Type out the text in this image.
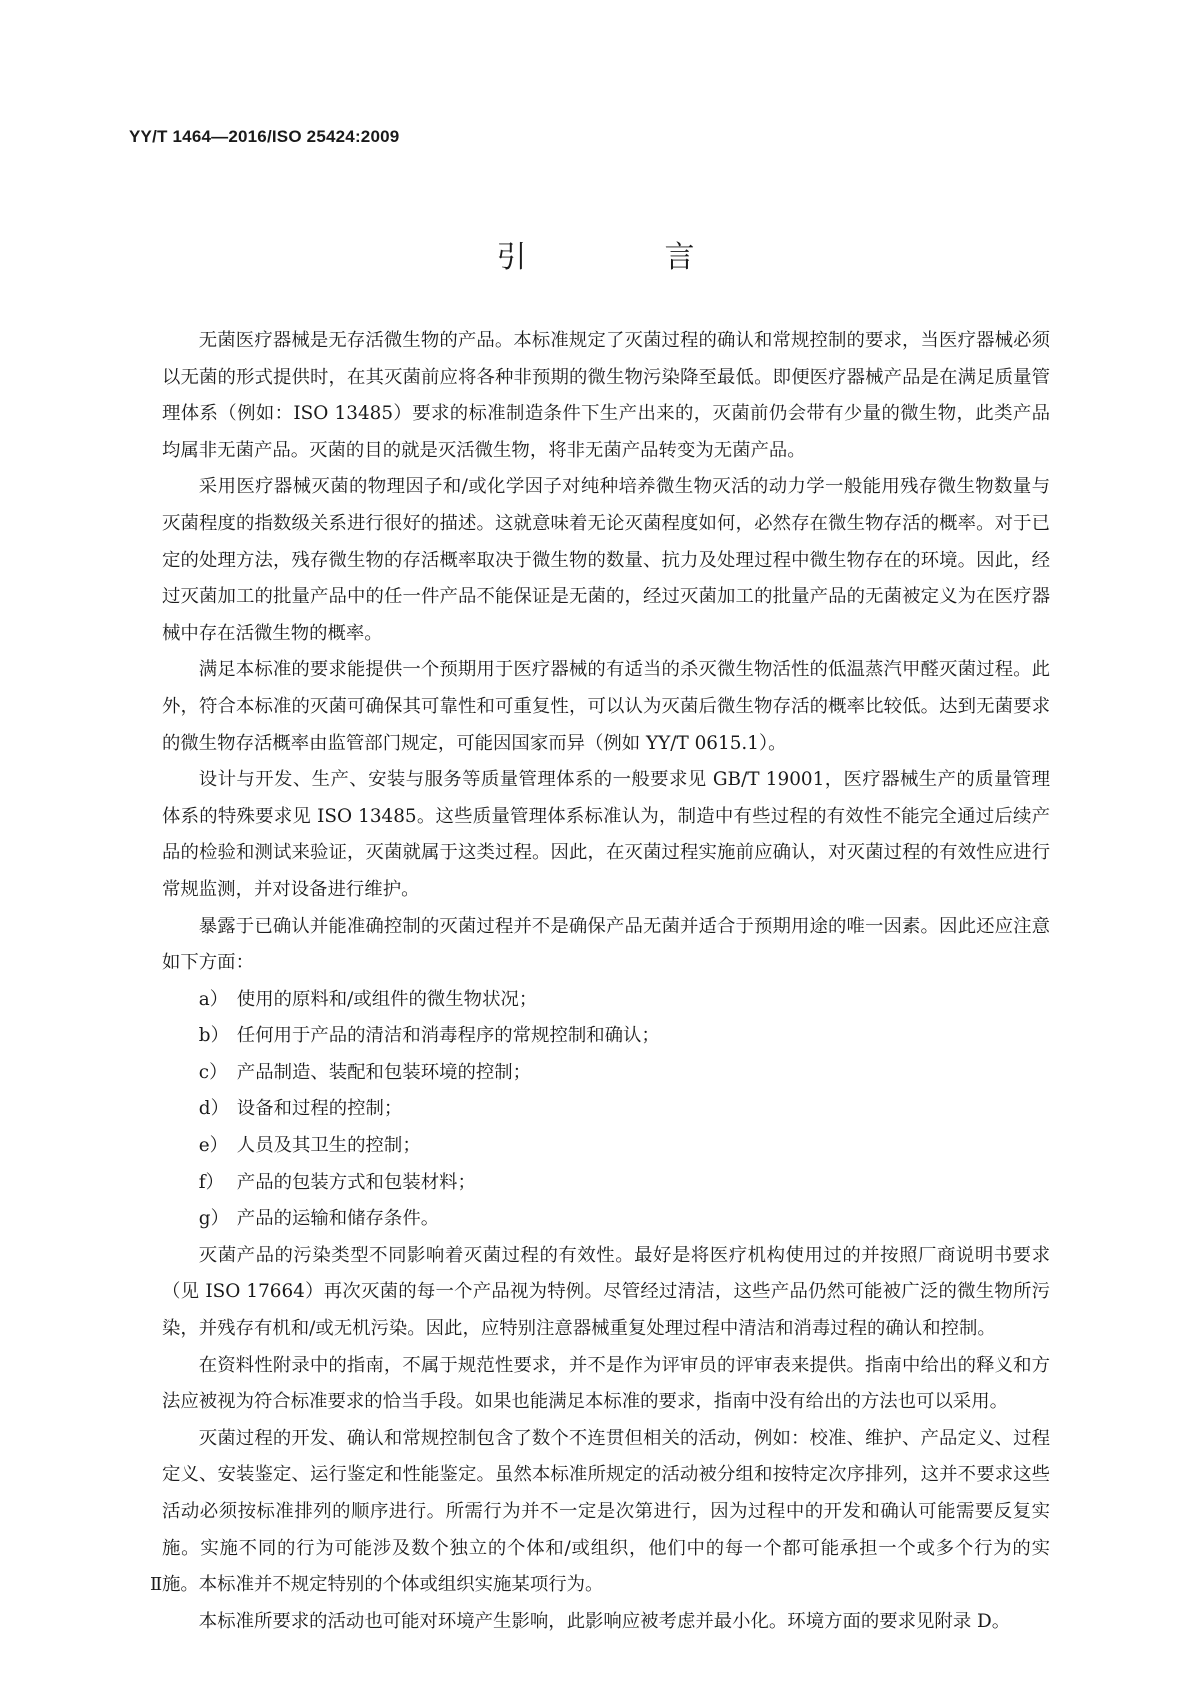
YY/T 1464—2016/ISO 25424:2009
引　言

无菌医疗器械是无存活微生物的产品。本标准规定了灭菌过程的确认和常规控制的要求，当医疗器械必须以无菌的形式提供时，在其灭菌前应将各种非预期的微生物污染降至最低。即便医疗器械产品是在满足质量管理体系（例如：ISO 13485）要求的标准制造条件下生产出来的，灭菌前仍会带有少量的微生物，此类产品均属非无菌产品。灭菌的目的就是灭活微生物，将非无菌产品转变为无菌产品。

采用医疗器械灭菌的物理因子和/或化学因子对纯种培养微生物灭活的动力学一般能用残存微生物数量与灭菌程度的指数级关系进行很好的描述。这就意味着无论灭菌程度如何，必然存在微生物存活的概率。对于已定的处理方法，残存微生物的存活概率取决于微生物的数量、抗力及处理过程中微生物存在的环境。因此，经过灭菌加工的批量产品中的任一件产品不能保证是无菌的，经过灭菌加工的批量产品的无菌被定义为在医疗器械中存在活微生物的概率。

满足本标准的要求能提供一个预期用于医疗器械的有适当的杀灭微生物活性的低温蒸汽甲醛灭菌过程。此外，符合本标准的灭菌可确保其可靠性和可重复性，可以认为灭菌后微生物存活的概率比较低。达到无菌要求的微生物存活概率由监管部门规定，可能因国家而异（例如 YY/T 0615.1）。

设计与开发、生产、安装与服务等质量管理体系的一般要求见 GB/T 19001，医疗器械生产的质量管理体系的特殊要求见 ISO 13485。这些质量管理体系标准认为，制造中有些过程的有效性不能完全通过后续产品的检验和测试来验证，灭菌就属于这类过程。因此，在灭菌过程实施前应确认，对灭菌过程的有效性应进行常规监测，并对设备进行维护。

暴露于已确认并能准确控制的灭菌过程并不是确保产品无菌并适合于预期用途的唯一因素。因此还应注意如下方面：

a） 使用的原料和/或组件的微生物状况；
b） 任何用于产品的清洁和消毒程序的常规控制和确认；
c） 产品制造、装配和包装环境的控制；
d） 设备和过程的控制；
e） 人员及其卫生的控制；
f） 产品的包装方式和包装材料；
g） 产品的运输和储存条件。

灭菌产品的污染类型不同影响着灭菌过程的有效性。最好是将医疗机构使用过的并按照厂商说明书要求（见 ISO 17664）再次灭菌的每一个产品视为特例。尽管经过清洁，这些产品仍然可能被广泛的微生物所污染，并残存有机和/或无机污染。因此，应特别注意器械重复处理过程中清洁和消毒过程的确认和控制。

在资料性附录中的指南，不属于规范性要求，并不是作为评审员的评审表来提供。指南中给出的释义和方法应被视为符合标准要求的恰当手段。如果也能满足本标准的要求，指南中没有给出的方法也可以采用。

灭菌过程的开发、确认和常规控制包含了数个不连贯但相关的活动，例如：校准、维护、产品定义、过程定义、安装鉴定、运行鉴定和性能鉴定。虽然本标准所规定的活动被分组和按特定次序排列，这并不要求这些活动必须按标准排列的顺序进行。所需行为并不一定是次第进行，因为过程中的开发和确认可能需要反复实施。实施不同的行为可能涉及数个独立的个体和/或组织，他们中的每一个都可能承担一个或多个行为的实施。本标准并不规定特别的个体或组织实施某项行为。

本标准所要求的活动也可能对环境产生影响，此影响应被考虑并最小化。环境方面的要求见附录 D。

Ⅱ
